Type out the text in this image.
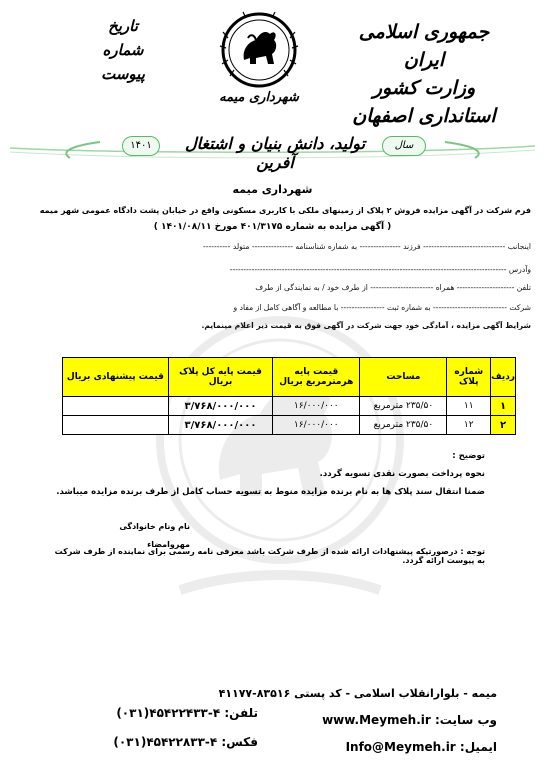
جمهوری اسلامی ایران
وزارت کشور
استانداری اصفهان
تاریخ
شماره
پیوست
شهرداری میمه
۱۴۰۱	تولید، دانش بنیان و اشتغال آفرین
سال
شهرداری میمه
فرم شرکت در آگهی مزایده فروش ۲ پلاک از زمینهای ملکی با کاربری مسکونی واقع در خیابان پشت دادگاه عمومی شهر میمه
( آگهی مزایده به شماره ۴۰۱/۳۱۷۵ مورخ ۱۴۰۱/۰۸/۱۱ )
اینجانب ------------------------------ فرزند --------------- به شماره شناسنامه --------------- متولد ----------
وآدرس -----------------------------------------------------------------------------------------------------
تلفن --------------------- همراه ----------------------- از طرف خود / به نمایندگی از طرف
شرکت --------------------------- به شماره ثبت ---------------- با مطالعه و آگاهی کامل از مفاد و
شرایط آگهی مزایده ، آمادگی خود جهت شرکت در آگهی فوق به قیمت ذیر اعلام مینمایم.
ردیف	شماره پلاک	مساحت	قیمت پایه هرمترمربع بریال	قیمت پایه کل پلاک بریال	قیمت پیشنهادی بریال
۱	۱۱	۲۳۵/۵۰ مترمربع	۱۶/۰۰۰/۰۰۰	۳/۷۶۸/۰۰۰/۰۰۰	
۲	۱۲	۲۳۵/۵۰ مترمربع	۱۶/۰۰۰/۰۰۰	۳/۷۶۸/۰۰۰/۰۰۰	
توضیح :
نحوه پرداخت بصورت نقدی تسویه گردد.
ضمنا انتقال سند پلاک ها به نام برنده مزایده منوط به تسویه حساب کامل از طرف برنده مزایده میباشد.
نام ونام خانوادگی
مهروامضاء
توجه : درصورتیکه پیشنهادات ارائه شده از طرف شرکت باشد معرفی نامه رسمی برای نماینده از طرف شرکت به پیوست ارائه گردد.
میمه - بلوارانقلاب اسلامی - کد پستی ۸۳۵۱۶-۴۱۱۷۷
وب سایت: www.Meymeh.ir
ایمیل: Info@Meymeh.ir
تلفن: ۴-۴۵۴۲۲۴۳۳(۰۳۱)
فکس: ۴-۴۵۴۲۲۸۳۳(۰۳۱)
